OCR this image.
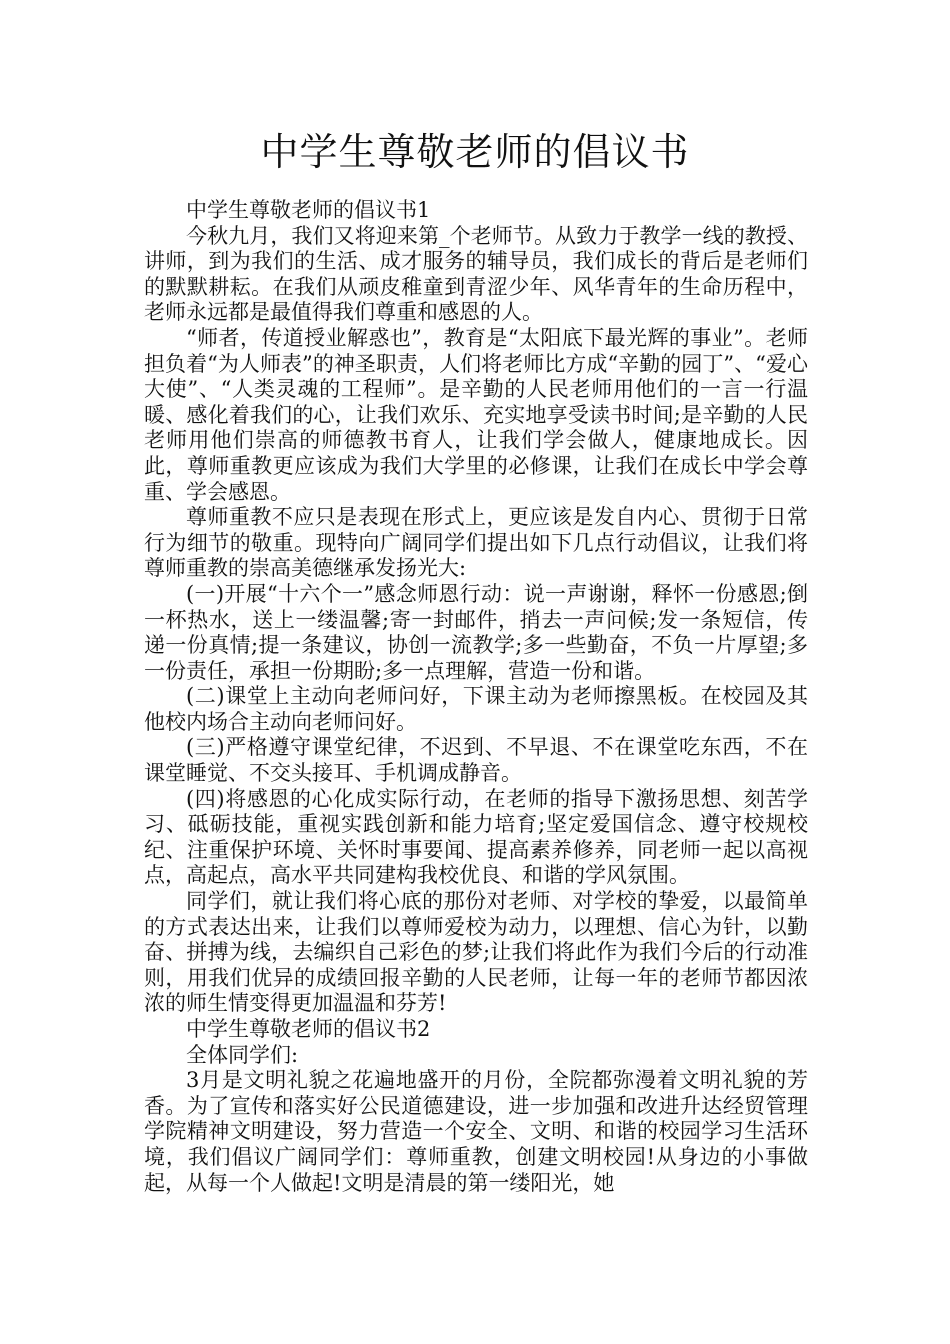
中学生尊敬老师的倡议书

中学生尊敬老师的倡议书1

今秋九月，我们又将迎来第_个老师节。从致力于教学一线的教授、讲师，到为我们的生活、成才服务的辅导员，我们成长的背后是老师们的默默耕耘。在我们从顽皮稚童到青涩少年、风华青年的生命历程中，老师永远都是最值得我们尊重和感恩的人。

“师者，传道授业解惑也”，教育是“太阳底下最光辉的事业”。老师担负着“为人师表”的神圣职责，人们将老师比方成“辛勤的园丁”、“爱心大使”、“人类灵魂的工程师”。是辛勤的人民老师用他们的一言一行温暖、感化着我们的心，让我们欢乐、充实地享受读书时间;是辛勤的人民老师用他们崇高的师德教书育人，让我们学会做人，健康地成长。因此，尊师重教更应该成为我们大学里的必修课，让我们在成长中学会尊重、学会感恩。

尊师重教不应只是表现在形式上，更应该是发自内心、贯彻于日常行为细节的敬重。现特向广阔同学们提出如下几点行动倡议，让我们将尊师重教的崇高美德继承发扬光大:

(一)开展“十六个一”感念师恩行动：说一声谢谢，释怀一份感恩;倒一杯热水，送上一缕温馨;寄一封邮件，捎去一声问候;发一条短信，传递一份真情;提一条建议，协创一流教学;多一些勤奋，不负一片厚望;多一份责任，承担一份期盼;多一点理解，营造一份和谐。

(二)课堂上主动向老师问好，下课主动为老师擦黑板。在校园及其他校内场合主动向老师问好。

(三)严格遵守课堂纪律，不迟到、不早退、不在课堂吃东西，不在课堂睡觉、不交头接耳、手机调成静音。

(四)将感恩的心化成实际行动，在老师的指导下激扬思想、刻苦学习、砥砺技能，重视实践创新和能力培育;坚定爱国信念、遵守校规校纪、注重保护环境、关怀时事要闻、提高素养修养，同老师一起以高视点，高起点，高水平共同建构我校优良、和谐的学风氛围。

同学们，就让我们将心底的那份对老师、对学校的挚爱，以最简单的方式表达出来，让我们以尊师爱校为动力，以理想、信心为针，以勤奋、拼搏为线，去编织自己彩色的梦;让我们将此作为我们今后的行动准则，用我们优异的成绩回报辛勤的人民老师，让每一年的老师节都因浓浓的师生情变得更加温温和芬芳!

中学生尊敬老师的倡议书2

全体同学们:

3月是文明礼貌之花遍地盛开的月份，全院都弥漫着文明礼貌的芳香。为了宣传和落实好公民道德建设，进一步加强和改进升达经贸管理学院精神文明建设，努力营造一个安全、文明、和谐的校园学习生活环境，我们倡议广阔同学们：尊师重教，创建文明校园!从身边的小事做起，从每一个人做起!文明是清晨的第一缕阳光，她
